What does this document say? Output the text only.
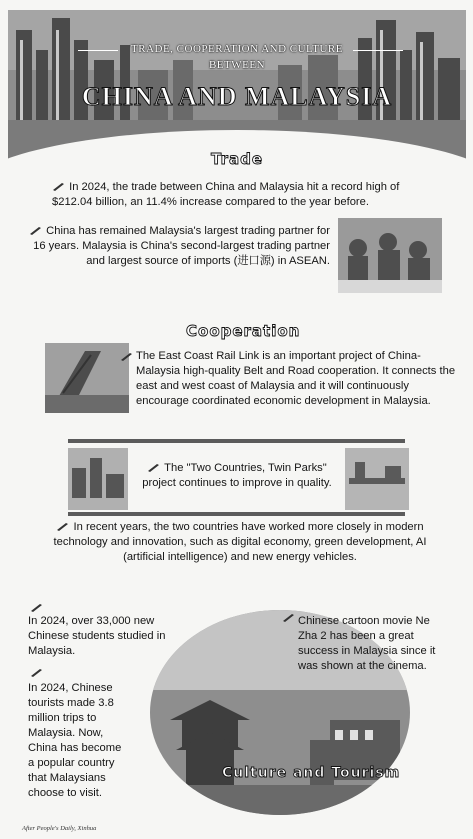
TRADE, COOPERATION AND CULTURE
BETWEEN
CHINA AND MALAYSIA
Trade
In 2024, the trade between China and Malaysia hit a record high of $212.04 billion, an 11.4% increase compared to the year before.
China has remained Malaysia's largest trading partner for 16 years. Malaysia is China's second-largest trading partner and largest source of imports (进口源) in ASEAN.
Cooperation
The East Coast Rail Link is an important project of China-Malaysia high-quality Belt and Road cooperation. It connects the east and west coast of Malaysia and it will continuously encourage coordinated economic development in Malaysia.
The "Two Countries, Twin Parks" project continues to improve in quality.
In recent years, the two countries have worked more closely in modern technology and innovation, such as digital economy, green development, AI (artificial intelligence) and new energy vehicles.
Culture and Tourism
In 2024, over 33,000 new Chinese students studied in Malaysia.
Chinese cartoon movie Ne Zha 2 has been a great success in Malaysia since it was shown at the cinema.
In 2024, Chinese tourists made 3.8 million trips to Malaysia. Now, China has become a popular country that Malaysians choose to visit.
After People's Daily, Xinhua
